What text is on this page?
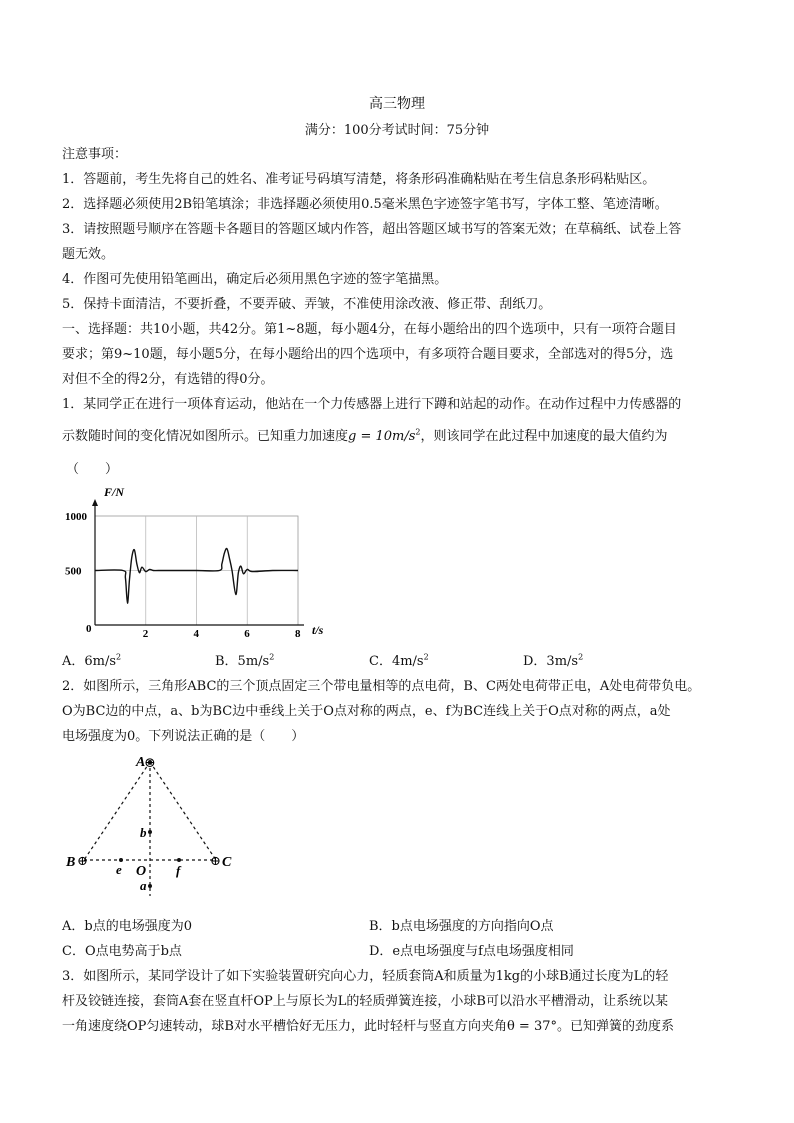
高三物理
满分：100分考试时间：75分钟
注意事项：
1．答题前，考生先将自己的姓名、准考证号码填写清楚，将条形码准确粘贴在考生信息条形码粘贴区。
2．选择题必须使用2B铅笔填涂；非选择题必须使用0.5毫米黑色字迹签字笔书写，字体工整、笔迹清晰。
3．请按照题号顺序在答题卡各题目的答题区域内作答，超出答题区域书写的答案无效；在草稿纸、试卷上答
题无效。
4．作图可先使用铅笔画出，确定后必须用黑色字迹的签字笔描黑。
5．保持卡面清洁，不要折叠，不要弄破、弄皱，不准使用涂改液、修正带、刮纸刀。
一、选择题：共10小题，共42分。第1~8题，每小题4分，在每小题给出的四个选项中，只有一项符合题目
要求；第9~10题，每小题5分，在每小题给出的四个选项中，有多项符合题目要求，全部选对的得5分，选
对但不全的得2分，有选错的得0分。
1．某同学正在进行一项体育运动，他站在一个力传感器上进行下蹲和站起的动作。在动作过程中力传感器的
示数随时间的变化情况如图所示。已知重力加速度$g = 10m/s^2$，则该同学在此过程中加速度的最大值约为
（　　）
2	4	6	8
500
1000
F/N
t/s
0
A．$6m/s^2$	B．$5m/s^2$	C．$4m/s^2$	D．$3m/s^2$
2．如图所示，三角形ABC的三个顶点固定三个带电量相等的点电荷，B、C两处电荷带正电，A处电荷带负电。
O为BC边的中点，a、b为BC边中垂线上关于O点对称的两点，e、f为BC连线上关于O点对称的两点，a处
电场强度为0。下列说法正确的是（　　）
A
⊖
B ⊕	⊕ C
O
b
a
e	f
A．b点的电场强度为0	B．b点电场强度的方向指向O点
C．O点电势高于b点	D．e点电场强度与f点电场强度相同
3．如图所示，某同学设计了如下实验装置研究向心力，轻质套筒A和质量为1kg的小球B通过长度为L的轻
杆及铰链连接，套筒A套在竖直杆OP上与原长为L的轻质弹簧连接，小球B可以沿水平槽滑动，让系统以某
一角速度绕OP匀速转动，球B对水平槽恰好无压力，此时轻杆与竖直方向夹角θ = 37°。已知弹簧的劲度系
